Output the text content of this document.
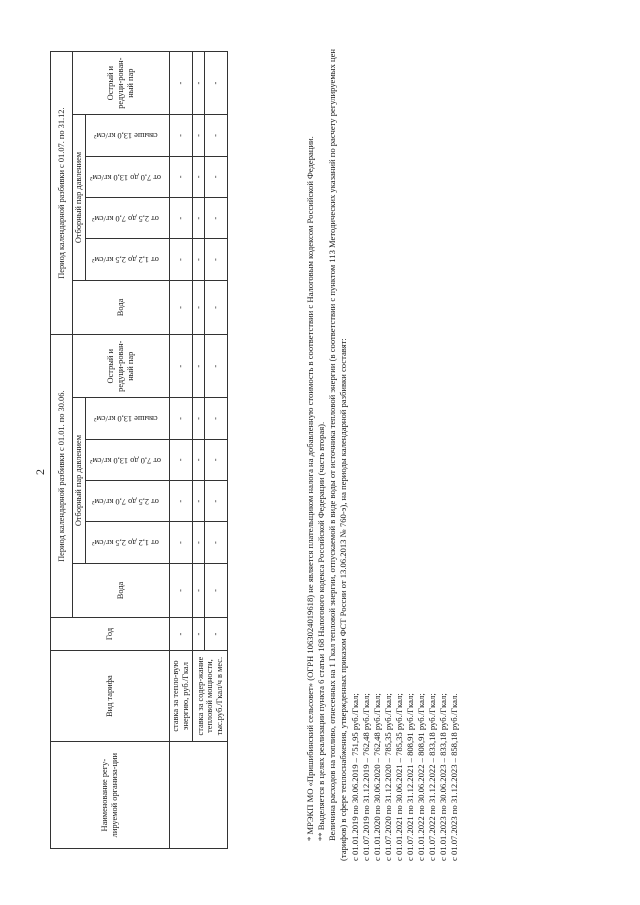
2
Наименование регу-лируемой организа-ции	Вид тарифа	Год	Период календарной разбивки с 01.01. по 30.06.						Период календарной разбивки с 01.07. по 31.12.					
			Вода	Отборный пар давлением				Острый и редуци-рован-ный пар	Вода	Отборный пар давлением				Острый и редуци-рован-ный пар
				от 1,2 до 2,5 кг/см²	от 2,5 до 7,0 кг/см²	от 7,0 до 13,0 кг/см²	свыше 13,0 кг/см²			от 1,2 до 2,5 кг/см²	от 2,5 до 7,0 кг/см²	от 7,0 до 13,0 кг/см²	свыше 13,0 кг/см²	
	ставка за тепло-вую энергию, руб./Гкал	-	-	-	-	-	-	-	-	-	-	-	-	-
	ставка за содер-жание тепловой мощности, тыс.руб./Гкал/ч в мес.	-	-	-	-	-	-	-	-	-	-	-	-	-
		-	-	-	-	-	-	-	-	-	-	-	-	-

* МРЭКП МО «Пришибинский сельсовет» (ОГРН 1063024019618) не является плательщиком налога на добавленную стоимость в соответствии с Налоговым кодексом Российской Федерации. ** Выделяется в целях реализации пункта 6 статьи 168 Налогового кодекса Российской Федерации (часть вторая). Величина расходов на топливо, отнесенных на 1 Гкал тепловой энергии, отпускаемой в виде воды от источника тепловой энергии (в соответствии с пунктом 113 Методических указаний по расчету регулируемых цен (тарифов) в сфере теплоснабжения, утвержденных приказом ФСТ России от 13.06.2013 № 760-э), на периоды календарной разбивки составят: с 01.01.2019 по 30.06.2019 – 751,95 руб./Гкал; с 01.07.2019 по 31.12.2019 – 762,48 руб./Гкал; с 01.01.2020 по 30.06.2020 – 762,48 руб./Гкал; с 01.07.2020 по 31.12.2020 – 785,35 руб./Гкал; с 01.01.2021 по 30.06.2021 – 785,35 руб./Гкал; с 01.07.2021 по 31.12.2021 – 808,91 руб./Гкал; с 01.01.2022 по 30.06.2022 – 808,91 руб./Гкал; с 01.07.2022 по 31.12.2022 – 833,18 руб./Гкал; с 01.01.2023 по 30.06.2023 – 833,18 руб./Гкал; с 01.07.2023 по 31.12.2023 – 858,18 руб./Гкал.
